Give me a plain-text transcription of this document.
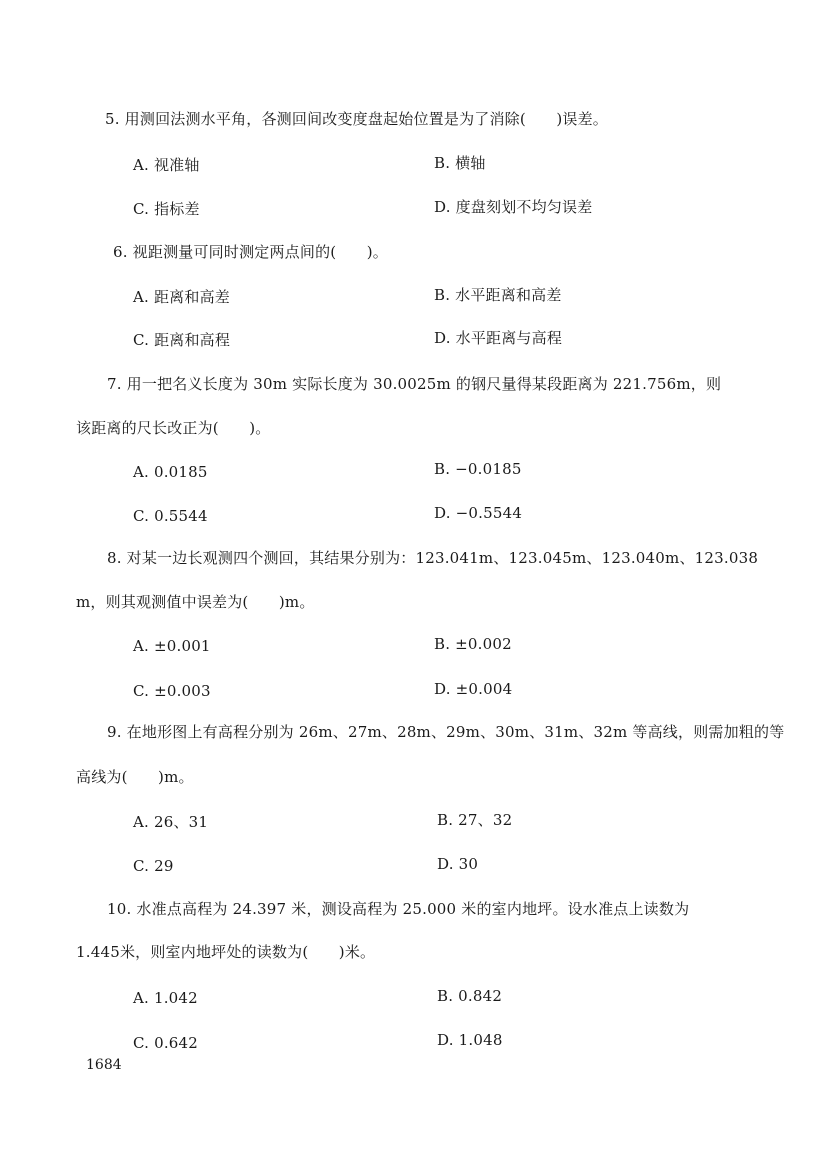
5. 用测回法测水平角，各测回间改变度盘起始位置是为了消除(　　)误差。
A. 视准轴	B. 横轴
C. 指标差	D. 度盘刻划不均匀误差
6. 视距测量可同时测定两点间的(　　)。
A. 距离和高差	B. 水平距离和高差
C. 距离和高程	D. 水平距离与高程
7. 用一把名义长度为 30m 实际长度为 30.0025m 的钢尺量得某段距离为 221.756m，则
该距离的尺长改正为(　　)。
A. 0.0185	B. −0.0185
C. 0.5544	D. −0.5544
8. 对某一边长观测四个测回，其结果分别为：123.041m、123.045m、123.040m、123.038
m，则其观测值中误差为(　　)m。
A. ±0.001	B. ±0.002
C. ±0.003	D. ±0.004
9. 在地形图上有高程分别为 26m、27m、28m、29m、30m、31m、32m 等高线，则需加粗的等
高线为(　　)m。
A. 26、31	B. 27、32
C. 29	D. 30
10. 水准点高程为 24.397 米，测设高程为 25.000 米的室内地坪。设水准点上读数为
1.445米，则室内地坪处的读数为(　　)米。
A. 1.042	B. 0.842
C. 0.642	D. 1.048
1684
